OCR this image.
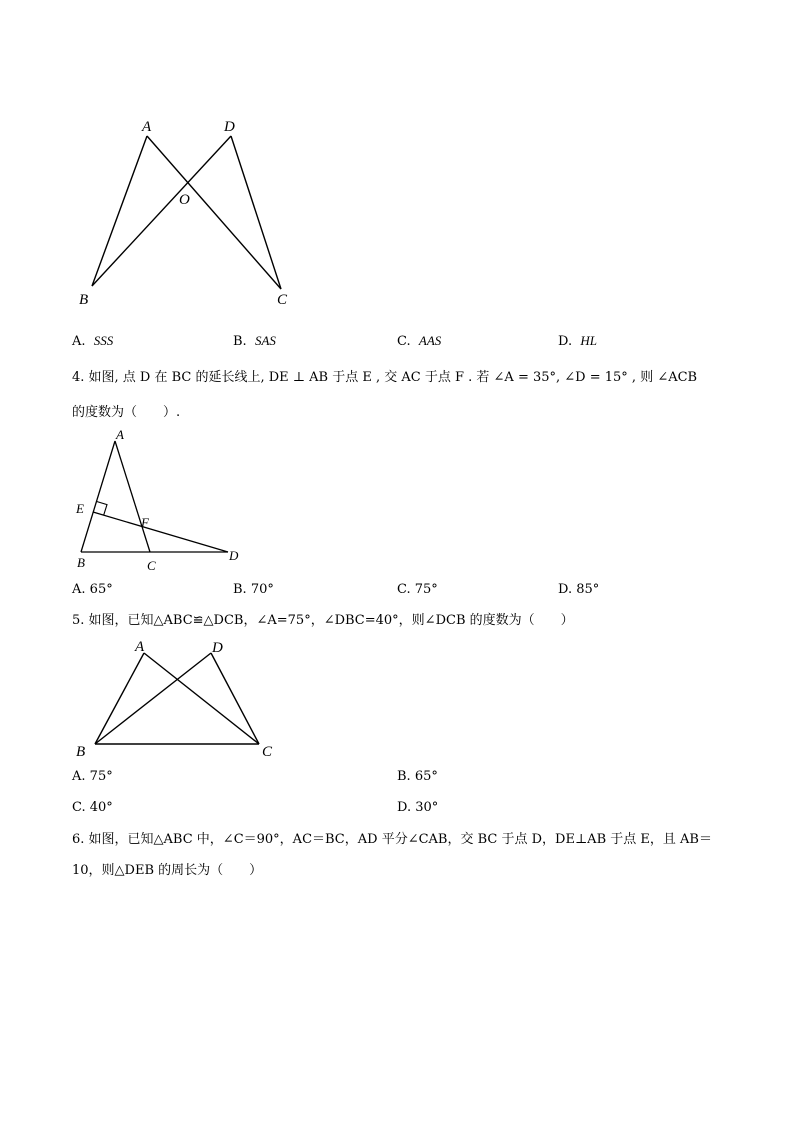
A	D
O
B	C
A. SSS	B. SAS	C. AAS	D. HL
4. 如图, 点 D 在 BC 的延长线上, DE ⊥ AB 于点 E , 交 AC 于点 F . 若 ∠A = 35°, ∠D = 15° , 则 ∠ACB
的度数为（　　）.
A
E
F
B	C
D
A. 65°	B. 70°	C. 75°	D. 85°
5. 如图，已知△ABC≌△DCB，∠A=75°，∠DBC=40°，则∠DCB 的度数为（　　）
A	D
B	C
A. 75°	B. 65°
C. 40°	D. 30°
6. 如图，已知△ABC 中，∠C＝90°，AC＝BC，AD 平分∠CAB，交 BC 于点 D，DE⊥AB 于点 E，且 AB＝
10，则△DEB 的周长为（　　）
